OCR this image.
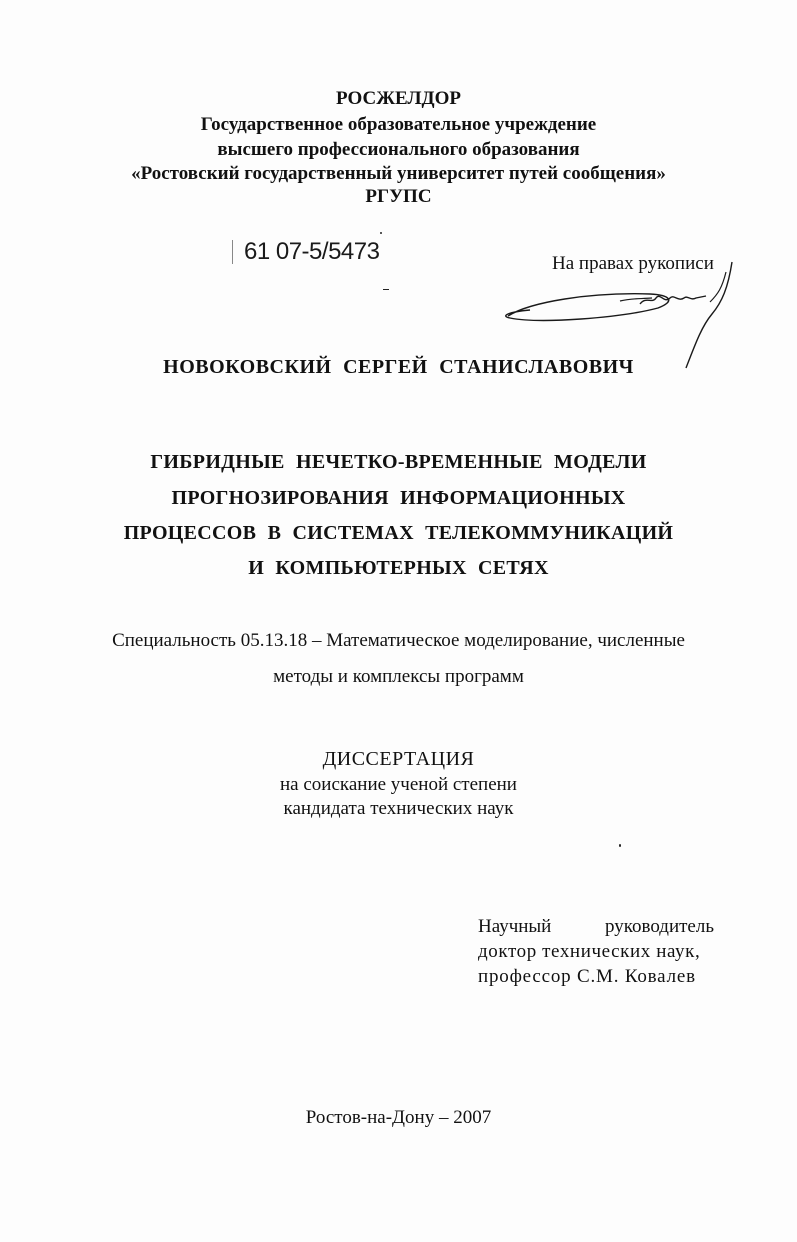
РОСЖЕЛДОР
Государственное образовательное учреждение
высшего профессионального образования
«Ростовский государственный университет путей сообщения»
РГУПС
61 07-5/5473	На правах рукописи
НОВОКОВСКИЙ СЕРГЕЙ СТАНИСЛАВОВИЧ
ГИБРИДНЫЕ НЕЧЕТКО-ВРЕМЕННЫЕ МОДЕЛИ
ПРОГНОЗИРОВАНИЯ ИНФОРМАЦИОННЫХ
ПРОЦЕССОВ В СИСТЕМАХ ТЕЛЕКОММУНИКАЦИЙ
И КОМПЬЮТЕРНЫХ СЕТЯХ
Специальность 05.13.18 – Математическое моделирование, численные
методы и комплексы программ
ДИССЕРТАЦИЯ
на соискание ученой степени
кандидата технических наук
Научный	руководитель
доктор технических наук,
профессор С.М. Ковалев
Ростов-на-Дону – 2007
